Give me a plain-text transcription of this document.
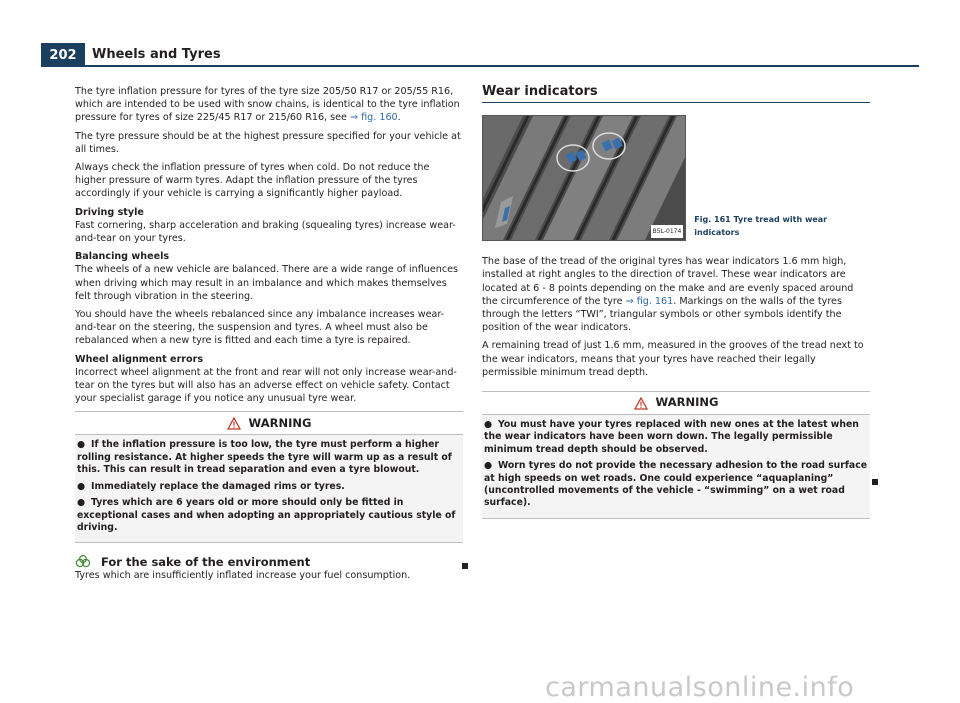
202	Wheels and Tyres

The tyre inflation pressure for tyres of the tyre size 205/50 R17 or 205/55 R16, which are intended to be used with snow chains, is identical to the tyre inflation pressure for tyres of size 225/45 R17 or 215/60 R16, see ⇒ fig. 160.

The tyre pressure should be at the highest pressure specified for your vehicle at all times.

Always check the inflation pressure of tyres when cold. Do not reduce the higher pressure of warm tyres. Adapt the inflation pressure of the tyres accordingly if your vehicle is carrying a significantly higher payload.

Driving style

Fast cornering, sharp acceleration and braking (squealing tyres) increase wear-and-tear on your tyres.

Balancing wheels

The wheels of a new vehicle are balanced. There are a wide range of influences when driving which may result in an imbalance and which makes themselves felt through vibration in the steering.

You should have the wheels rebalanced since any imbalance increases wear-and-tear on the steering, the suspension and tyres. A wheel must also be rebalanced when a new tyre is fitted and each time a tyre is repaired.

Wheel alignment errors

Incorrect wheel alignment at the front and rear will not only increase wear-and-tear on the tyres but will also has an adverse effect on vehicle safety. Contact your specialist garage if you notice any unusual tyre wear.

WARNING
● If the inflation pressure is too low, the tyre must perform a higher rolling resistance. At higher speeds the tyre will warm up as a result of this. This can result in tread separation and even a tyre blowout.
● Immediately replace the damaged rims or tyres.
● Tyres which are 6 years old or more should only be fitted in exceptional cases and when adopting an appropriately cautious style of driving.
For the sake of the environment

Tyres which are insufficiently inflated increase your fuel consumption.

Wear indicators
B5L-0174
Fig. 161 Tyre tread with wear indicators

The base of the tread of the original tyres has wear indicators 1.6 mm high, installed at right angles to the direction of travel. These wear indicators are located at 6 - 8 points depending on the make and are evenly spaced around the circumference of the tyre ⇒ fig. 161. Markings on the walls of the tyres through the letters “TWI”, triangular symbols or other symbols identify the position of the wear indicators.

A remaining tread of just 1.6 mm, measured in the grooves of the tread next to the wear indicators, means that your tyres have reached their legally permissible minimum tread depth.

WARNING
● You must have your tyres replaced with new ones at the latest when the wear indicators have been worn down. The legally permissible minimum tread depth should be observed.
● Worn tyres do not provide the necessary adhesion to the road surface at high speeds on wet roads. One could experience “aquaplaning” (uncontrolled movements of the vehicle - “swimming” on a wet road surface).
carmanualsonline.info
